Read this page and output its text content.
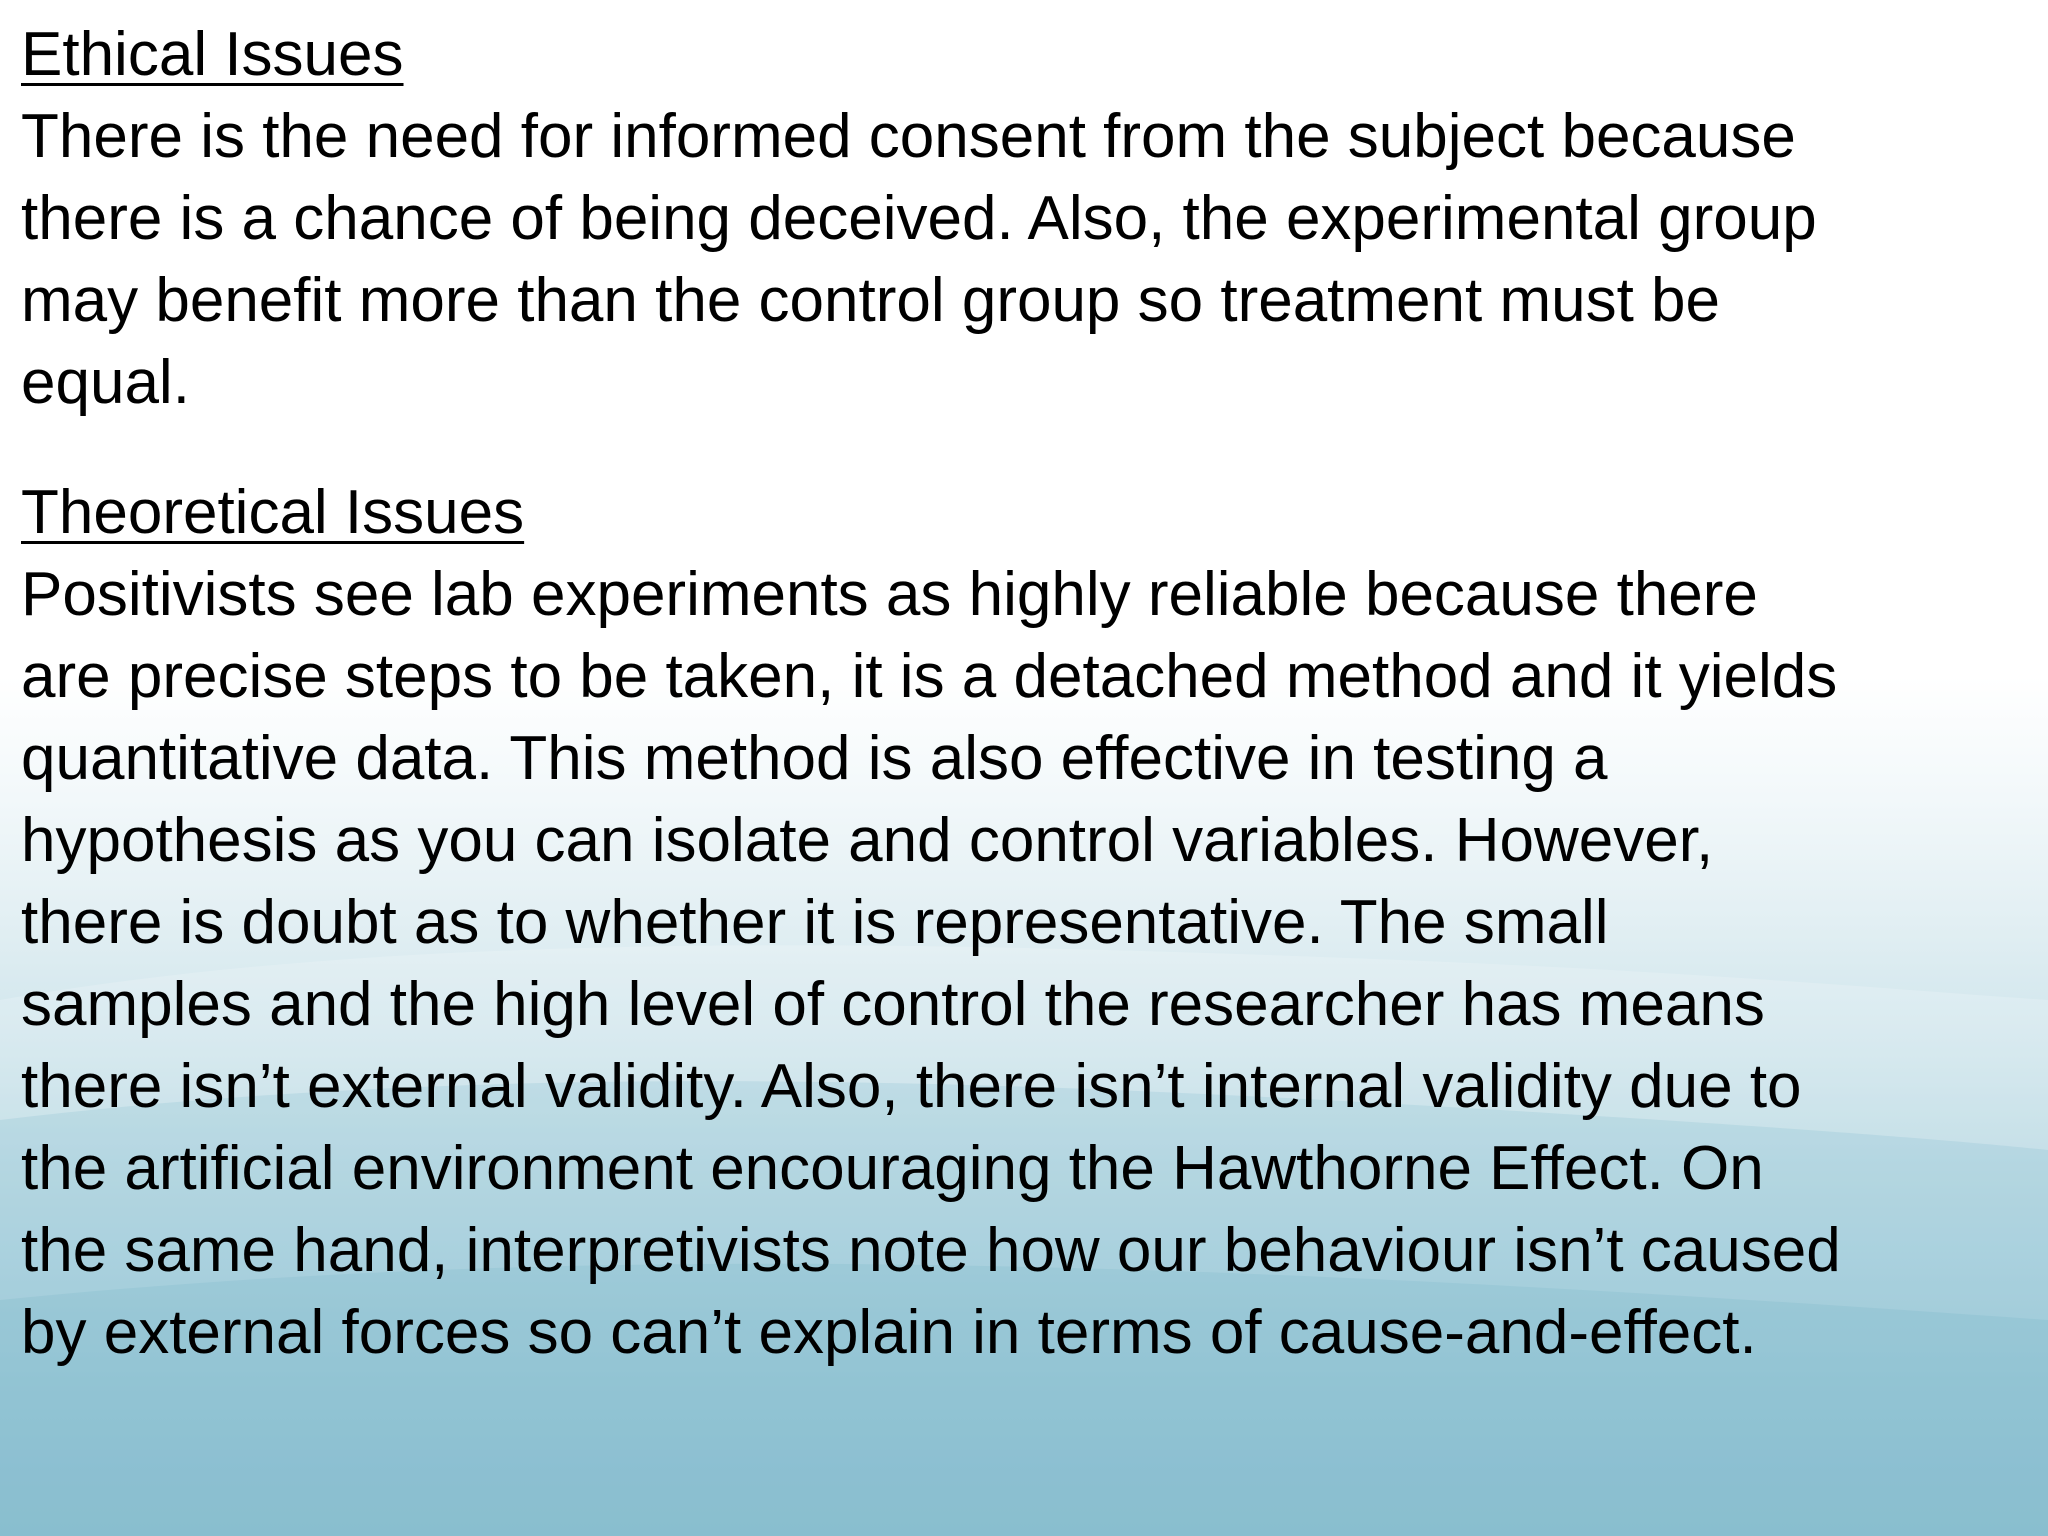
Ethical Issues

There is the need for informed consent from the subject because
there is a chance of being deceived. Also, the experimental group
may benefit more than the control group so treatment must be
equal.

Theoretical Issues

Positivists see lab experiments as highly reliable because there
are precise steps to be taken, it is a detached method and it yields
quantitative data. This method is also effective in testing a
hypothesis as you can isolate and control variables. However,
there is doubt as to whether it is representative. The small
samples and the high level of control the researcher has means
there isn’t external validity. Also, there isn’t internal validity due to
the artificial environment encouraging the Hawthorne Effect. On
the same hand, interpretivists note how our behaviour isn’t caused
by external forces so can’t explain in terms of cause-and-effect.
